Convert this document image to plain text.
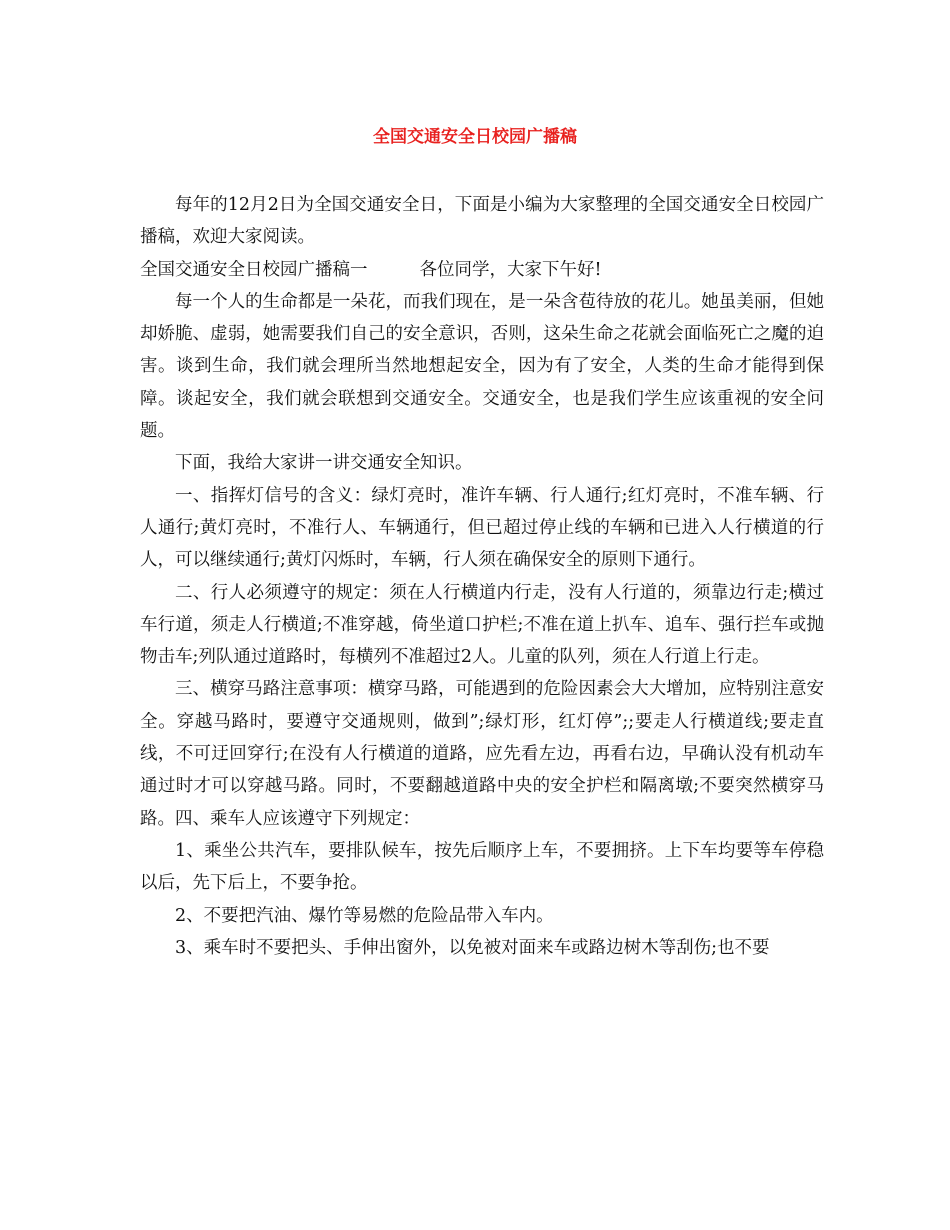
全国交通安全日校园广播稿

每年的12月2日为全国交通安全日，下面是小编为大家整理的全国交通安全日校园广播稿，欢迎大家阅读。

全国交通安全日校园广播稿一	各位同学，大家下午好!

每一个人的生命都是一朵花，而我们现在，是一朵含苞待放的花儿。她虽美丽，但她却娇脆、虚弱，她需要我们自己的安全意识，否则，这朵生命之花就会面临死亡之魔的迫害。谈到生命，我们就会理所当然地想起安全，因为有了安全，人类的生命才能得到保障。谈起安全，我们就会联想到交通安全。交通安全，也是我们学生应该重视的安全问题。

下面，我给大家讲一讲交通安全知识。

一、指挥灯信号的含义：绿灯亮时，准许车辆、行人通行;红灯亮时，不准车辆、行人通行;黄灯亮时，不准行人、车辆通行，但已超过停止线的车辆和已进入人行横道的行人，可以继续通行;黄灯闪烁时，车辆，行人须在确保安全的原则下通行。

二、行人必须遵守的规定：须在人行横道内行走，没有人行道的，须靠边行走;横过车行道，须走人行横道;不准穿越，倚坐道口护栏;不准在道上扒车、追车、强行拦车或抛物击车;列队通过道路时，每横列不准超过2人。儿童的队列，须在人行道上行走。

三、横穿马路注意事项：横穿马路，可能遇到的危险因素会大大增加，应特别注意安全。穿越马路时，要遵守交通规则，做到”;绿灯形，红灯停”;;要走人行横道线;要走直线，不可迂回穿行;在没有人行横道的道路，应先看左边，再看右边，早确认没有机动车通过时才可以穿越马路。同时，不要翻越道路中央的安全护栏和隔离墩;不要突然横穿马路。四、乘车人应该遵守下列规定：

1、乘坐公共汽车，要排队候车，按先后顺序上车，不要拥挤。上下车均要等车停稳以后，先下后上，不要争抢。

2、不要把汽油、爆竹等易燃的危险品带入车内。

3、乘车时不要把头、手伸出窗外，以免被对面来车或路边树木等刮伤;也不要
